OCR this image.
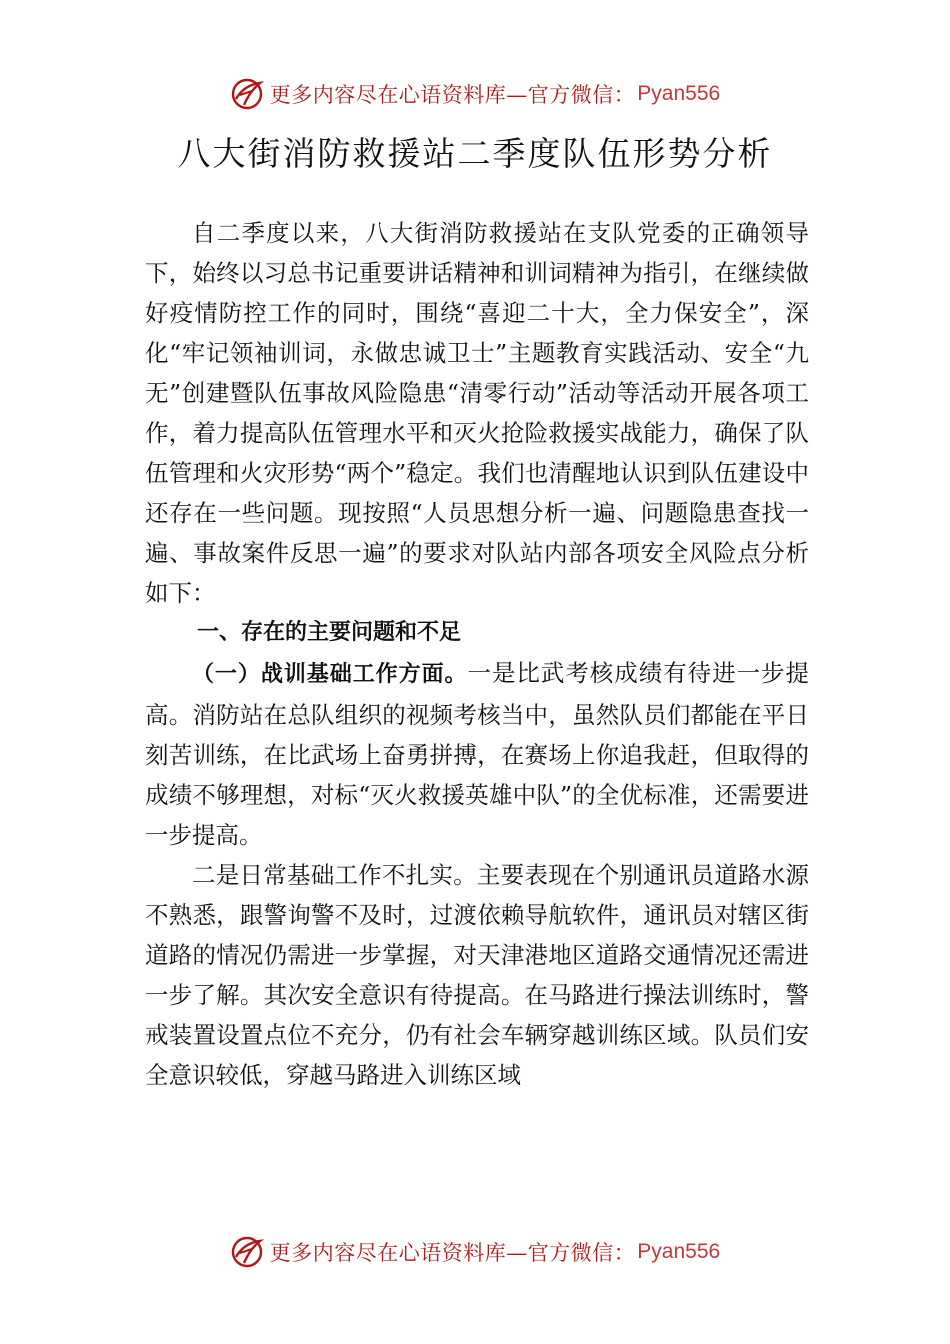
更多内容尽在心语资料库—官方微信： Pyan556
八大街消防救援站二季度队伍形势分析

自二季度以来，八大街消防救援站在支队党委的正确领导下，始终以习总书记重要讲话精神和训词精神为指引，在继续做好疫情防控工作的同时，围绕“喜迎二十大，全力保安全”，深化“牢记领袖训词，永做忠诚卫士”主题教育实践活动、安全“九无”创建暨队伍事故风险隐患“清零行动”活动等活动开展各项工作，着力提高队伍管理水平和灭火抢险救援实战能力，确保了队伍管理和火灾形势“两个”稳定。我们也清醒地认识到队伍建设中还存在一些问题。现按照“人员思想分析一遍、问题隐患查找一遍、事故案件反思一遍”的要求对队站内部各项安全风险点分析如下：

一、存在的主要问题和不足

（一）战训基础工作方面。一是比武考核成绩有待进一步提高。消防站在总队组织的视频考核当中，虽然队员们都能在平日刻苦训练，在比武场上奋勇拼搏，在赛场上你追我赶，但取得的成绩不够理想，对标“灭火救援英雄中队”的全优标准，还需要进一步提高。

二是日常基础工作不扎实。主要表现在个别通讯员道路水源不熟悉，跟警询警不及时，过渡依赖导航软件，通讯员对辖区街道路的情况仍需进一步掌握，对天津港地区道路交通情况还需进一步了解。其次安全意识有待提高。在马路进行操法训练时，警戒装置设置点位不充分，仍有社会车辆穿越训练区域。队员们安全意识较低，穿越马路进入训练区域

更多内容尽在心语资料库—官方微信： Pyan556
